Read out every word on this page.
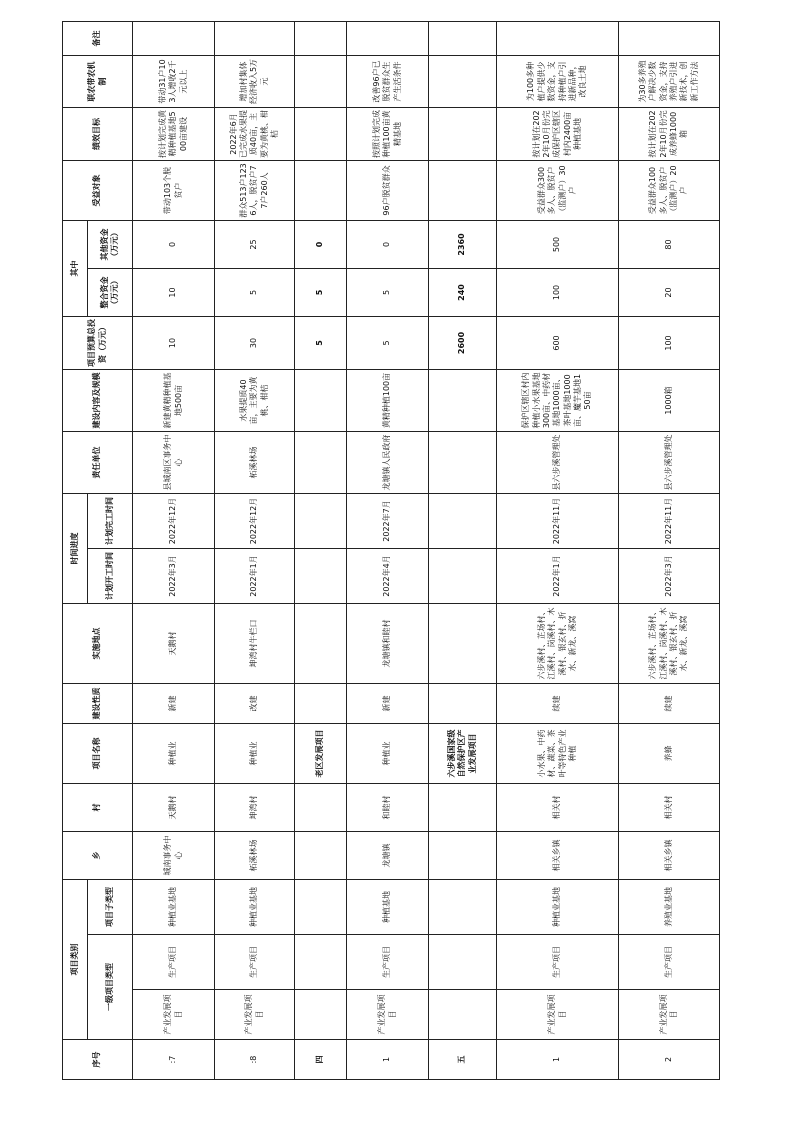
序号	项目类别			乡	村	项目名称	建设性质	实施地点	时间进度		责任单位	建设内容及规模	项目预算总投资（万元）	其中		受益对象	绩效目标	联农带农机制	备注
	一级项目类型		项目子类型						计划开工时间	计划完工时间				整合资金（万元）	其他资金（万元）				
:7	产业发展项目	生产项目	种植业基地	城南事务中心	天鹅村	种植业	新建	天鹅村	2022年3月	2022年12月	县城南区事务中心	新建黄精种植基地500亩	10	10	0	带动103个脱贫户	按计划完成黄精种植基地500亩建设	带动31户103人增收2千元以上	
:8	产业发展项目	生产项目	种植业基地	柘溪林场	坤湾村	种植业	改建	坤湾村牛栏口	2022年1月	2022年12月	柘溪林场	水果提质40亩，主要为黄桃、柑桔	30	5	25	群众513户1236人，脱贫户77户260人	2022年6月已完成水果提质40亩，主要为黄桃、柑桔	增加村集体经济收入5万元	
四						老区发展项目							5	5	0				
1	产业发展项目	生产项目	种植基地	龙塘镇	和睦村	种植业	新建	龙塘镇和睦村	2022年4月	2022年7月	龙塘镇人民政府	黄精种植100亩	5	5	0	96户脱贫群众	按照计划完成种植100亩黄精基地	改善96户已脱贫群众生产生活条件	
五						六步溪国家级自然保护区产业发展项目							2600	240	2360				
1	产业发展项目	生产项目	种植业基地	相关乡镇	相关村	小水果、中药材、蔬菜、茶叶等特色产业种植	续建	六步溪村、芷场村、江溪村、岗溪村、木溪村、银玄村、折水、新龙、溪窝	2022年1月	2022年11月	县六步溪管理处	保护区辖区村内种植小水果基地300亩、中药材基地1000亩、茶叶基地1000亩、魔芋基地150亩	600	100	500	受益群众300多人、脱贫户（监测户）30户	按计划在2022年10月份完成保护区辖区村内2400亩种植基地	为100多种植户提供少数资金，支持种植户引进新品种，改良土地	
2	产业发展项目	生产项目	养殖业基地	相关乡镇	相关村	养蜂	续建	六步溪村、芷场村、江溪村、岗溪村、木溪村、银玄村、折水、新龙、溪窝	2022年3月	2022年11月	县六步溪管理处	1000箱	100	20	80	受益群众100多人、脱贫户（监测户）20户	按计划在2022年10月份完成养蜂1000箱	为30多养殖户解决少数资金，支持养殖户引进新技术，创新工作方法	
